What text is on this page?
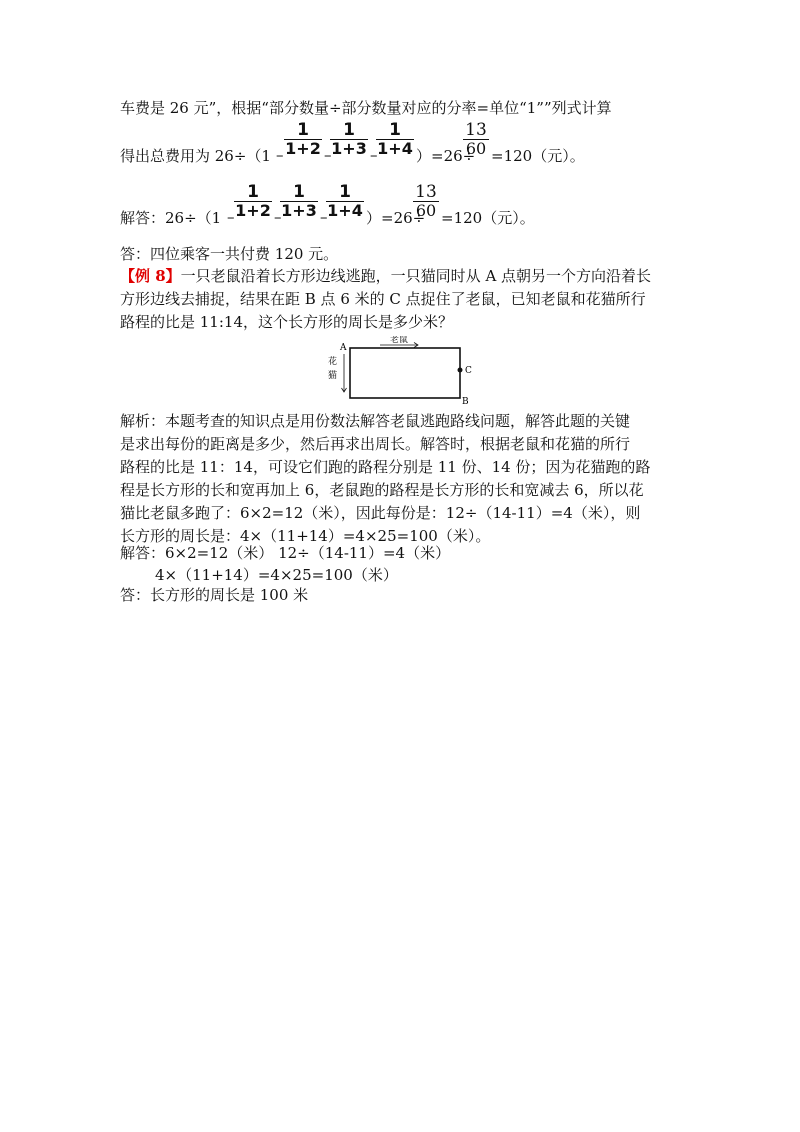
车费是 26 元”，根据“部分数量÷部分数量对应的分率=单位“1””列式计算
得出总费用为 $26\div(1 - \frac{1}{1+2}$ –
$\frac{1}{1+3}$ –
$\frac{1}{1+4} )=26\div$
$\frac{13}{60} =120$（元）。
解答：$26\div(1 - \frac{1}{1+2}$ –
$\frac{1}{1+3}$ –
$\frac{1}{1+4} )=26\div$
$\frac{13}{60} =120$（元）。
答：四位乘客一共付费 120 元。
【例 8】一只老鼠沿着长方形边线逃跑，一只猫同时从 A 点朝另一个方向沿着长
方形边线去捕捉，结果在距 B 点 6 米的 C 点捉住了老鼠，已知老鼠和花猫所行
路程的比是 11:14，这个长方形的周长是多少米？
A
B
C
老鼠
花
猫
解析：本题考查的知识点是用份数法解答老鼠逃跑路线问题，解答此题的关键
是求出每份的距离是多少，然后再求出周长。解答时，根据老鼠和花猫的所行
路程的比是 11：14，可设它们跑的路程分别是 11 份、14 份；因为花猫跑的路
程是长方形的长和宽再加上 6，老鼠跑的路程是长方形的长和宽减去 6，所以花
猫比老鼠多跑了：6×2=12（米），因此每份是：12÷（14-11）=4（米），则
长方形的周长是：4×（11+14）=4×25=100（米）。
解答：6×2=12（米） 12÷（14-11）=4（米）
4×（11+14）=4×25=100（米）
答：长方形的周长是 100 米
